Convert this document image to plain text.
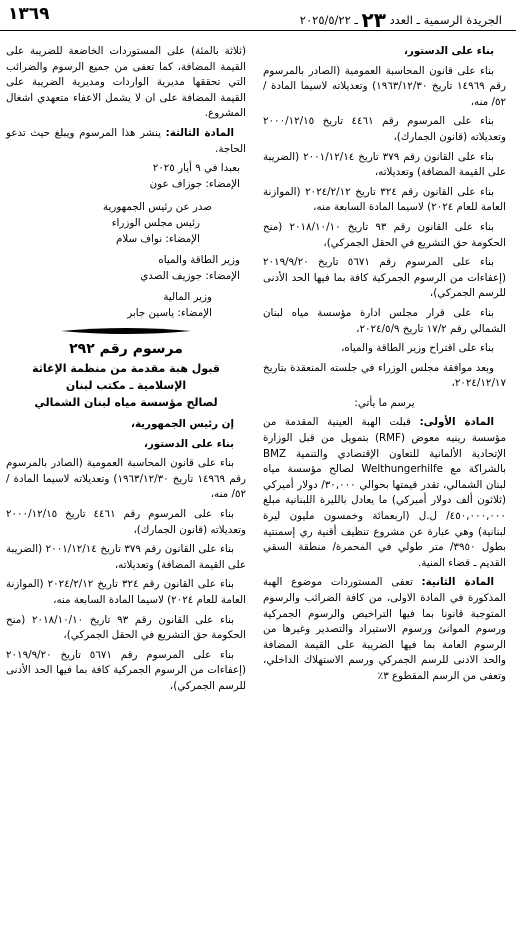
الجريدة الرسمية ـ العدد ٢٣ ـ ٢٠٢٥/٥/٢٢
١٣٦٩

بناء على الدستور،

بناء على قانون المحاسبة العمومية (الصادر بالمرسوم رقم ١٤٩٦٩ تاريخ ١٩٦٣/١٢/٣٠) وتعديلاته لاسيما المادة /٥٢/ منه،

بناء على المرسوم رقم ٤٤٦١ تاريخ ٢٠٠٠/١٢/١٥ وتعديلاته (قانون الجمارك)،

بناء على القانون رقم ٣٧٩ تاريخ ٢٠٠١/١٢/١٤ (الضريبة على القيمة المضافة) وتعديلاته،

بناء على القانون رقم ٣٢٤ تاريخ ٢٠٢٤/٢/١٢ (الموازنة العامة للعام ٢٠٢٤) لاسيما المادة السابعة منه،

بناء على القانون رقم ٩٣ تاريخ ٢٠١٨/١٠/١٠ (منح الحكومة حق التشريع في الحقل الجمركي)،

بناء على المرسوم رقم ٥٦٧١ تاريخ ٢٠١٩/٩/٢٠ (إعفاءات من الرسوم الجمركية كافة بما فيها الحد الأدنى للرسم الجمركي)،

بناء على قرار مجلس ادارة مؤسسة مياه لبنان الشمالي رقم ١٧/٢ تاريخ ٢٠٢٤/٥/٩،

بناء على اقتراح وزير الطاقة والمياه،

وبعد موافقة مجلس الوزراء في جلسته المنعقدة بتاريخ ٢٠٢٤/١٢/١٧،

يرسم ما يأتي:

المادة الأولى: قبلت الهبة العينية المقدمة من مؤسسة رينيه معوض (RMF) بتمويل من قبل الوزارة الإتحادية الألمانية للتعاون الإقتصادي والتنمية BMZ بالشراكة مع Welthungerhilfe لصالح مؤسسة مياه لبنان الشمالي، تقدر قيمتها بحوالي ٣٠,٠٠٠/ دولار أميركي (ثلاثون ألف دولار أميركي) ما يعادل بالليرة اللبنانية مبلغ ٤٥٠,٠٠٠,٠٠٠/ ل.ل (اربعمائة وخمسون مليون ليرة لبنانية) وهي عبارة عن مشروع تنظيف أقنية ري إسمنتية بطول ٣٩٥٠/ متر طولي في المحمرة/ منطقة السقي القديم ـ قضاء المنية.

المادة الثانية: تعفى المستوردات موضوع الهبة المذكورة في المادة الاولى، من كافة الضرائب والرسوم المتوجبة قانونا بما فيها التراخيص والرسوم الجمركية ورسوم الموانئ ورسوم الاستيراد والتصدير وغيرها من الرسوم العامة بما فيها الضريبة على القيمة المضافة والحد الادنى للرسم الجمركي ورسم الاستهلاك الداخلي، وتعفى من الرسم المقطوع ٣٪

(ثلاثة بالمئة) على المستوردات الخاضعة للضريبة على القيمة المضافة، كما تعفى من جميع الرسوم والضرائب التي تحققها مديرية الواردات ومديرية الضريبة على القيمة المضافة على ان لا يشمل الاعفاء متعهدي اشغال المشروع.

المادة الثالثة: ينشر هذا المرسوم ويبلغ حيث تدعو الحاجة.

بعبدا في ٩ أيار ٢٠٢٥

الإمضاء: جوزاف عون

صدر عن رئيس الجمهورية

رئيس مجلس الوزراء

الإمضاء: نواف سلام

وزير الطاقة والمياه

الإمضاء: جوزيف الصدي

وزير المالية

الإمضاء: ياسين جابر

مرسوم رقم ٢٩٢

قبول هبة مقدمة من منظمة الإغاثة الإسلامية ـ مكتب لبنان

لصالح مؤسسة مياه لبنان الشمالي

إن رئيس الجمهورية،

بناء على الدستور،

بناء على قانون المحاسبة العمومية (الصادر بالمرسوم رقم ١٤٩٦٩ تاريخ ١٩٦٣/١٢/٣٠) وتعديلاته لاسيما المادة /٥٢/ منه،

بناء على المرسوم رقم ٤٤٦١ تاريخ ٢٠٠٠/١٢/١٥ وتعديلاته (قانون الجمارك)،

بناء على القانون رقم ٣٧٩ تاريخ ٢٠٠١/١٢/١٤ (الضريبة على القيمة المضافة) وتعديلاته،

بناء على القانون رقم ٣٢٤ تاريخ ٢٠٢٤/٢/١٢ (الموازنة العامة للعام ٢٠٢٤) لاسيما المادة السابعة منه،

بناء على القانون رقم ٩٣ تاريخ ٢٠١٨/١٠/١٠ (منح الحكومة حق التشريع في الحقل الجمركي)،

بناء على المرسوم رقم ٥٦٧١ تاريخ ٢٠١٩/٩/٢٠ (إعفاءات من الرسوم الجمركية كافة بما فيها الحد الأدنى للرسم الجمركي)،
